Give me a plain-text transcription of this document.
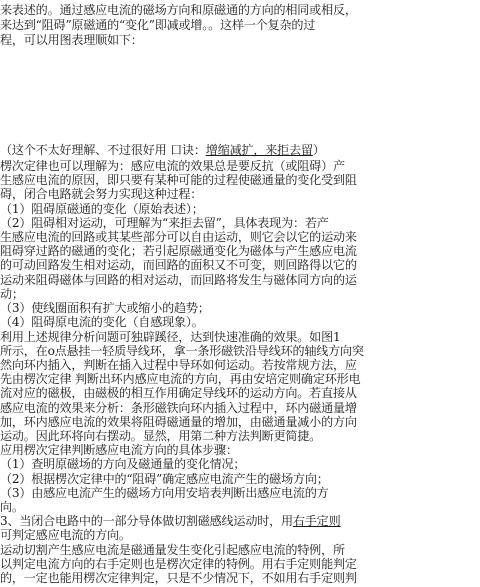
来表述的。通过感应电流的磁场方向和原磁通的方向的相同或相反，
来达到“阻碍”原磁通的“变化”即减或增。。这样一个复杂的过
程，可以用图表理顺如下：
（这个不太好理解、不过很好用 口诀：增缩减扩，来拒去留）
楞次定律也可以理解为：感应电流的效果总是要反抗（或阻碍）产
生感应电流的原因，即只要有某种可能的过程使磁通量的变化受到阻
碍，闭合电路就会努力实现这种过程：
（1）阻碍原磁通的变化（原始表述）；
（2）阻碍相对运动，可理解为“来拒去留”，具体表现为：若产
生感应电流的回路或其某些部分可以自由运动，则它会以它的运动来
阻碍穿过路的磁通的变化；若引起原磁通变化为磁体与产生感应电流
的可动回路发生相对运动，而回路的面积又不可变，则回路得以它的
运动来阻碍磁体与回路的相对运动，而回路将发生与磁体同方向的运
动；
（3）使线圈面积有扩大或缩小的趋势；
（4）阻碍原电流的变化（自感现象）。
利用上述规律分析问题可独辟蹊径，达到快速准确的效果。如图1
所示，在o点悬挂一轻质导线环，拿一条形磁铁沿导线环的轴线方向突
然向环内插入，判断在插入过程中导环如何运动。若按常规方法，应
先由楞次定律 判断出环内感应电流的方向，再由安培定则确定环形电
流对应的磁极，由磁极的相互作用确定导线环的运动方向。若直接从
感应电流的效果来分析：条形磁铁向环内插入过程中，环内磁通量增
加，环内感应电流的效果将阻碍磁通量的增加，由磁通量减小的方向
运动。因此环将向右摆动。显然，用第二种方法判断更简捷。
应用楞次定律判断感应电流方向的具体步骤：
（1）查明原磁场的方向及磁通量的变化情况；
（2）根据楞次定律中的“阻碍”确定感应电流产生的磁场方向；
（3）由感应电流产生的磁场方向用安培表判断出感应电流的方
向。
3、当闭合电路中的一部分导体做切割磁感线运动时，用右手定则
可判定感应电流的方向。
运动切割产生感应电流是磁通量发生变化引起感应电流的特例，所
以判定电流方向的右手定则也是楞次定律的特例。用右手定则能判定
的，一定也能用楞次定律判定，只是不少情况下，不如用右手定则判
